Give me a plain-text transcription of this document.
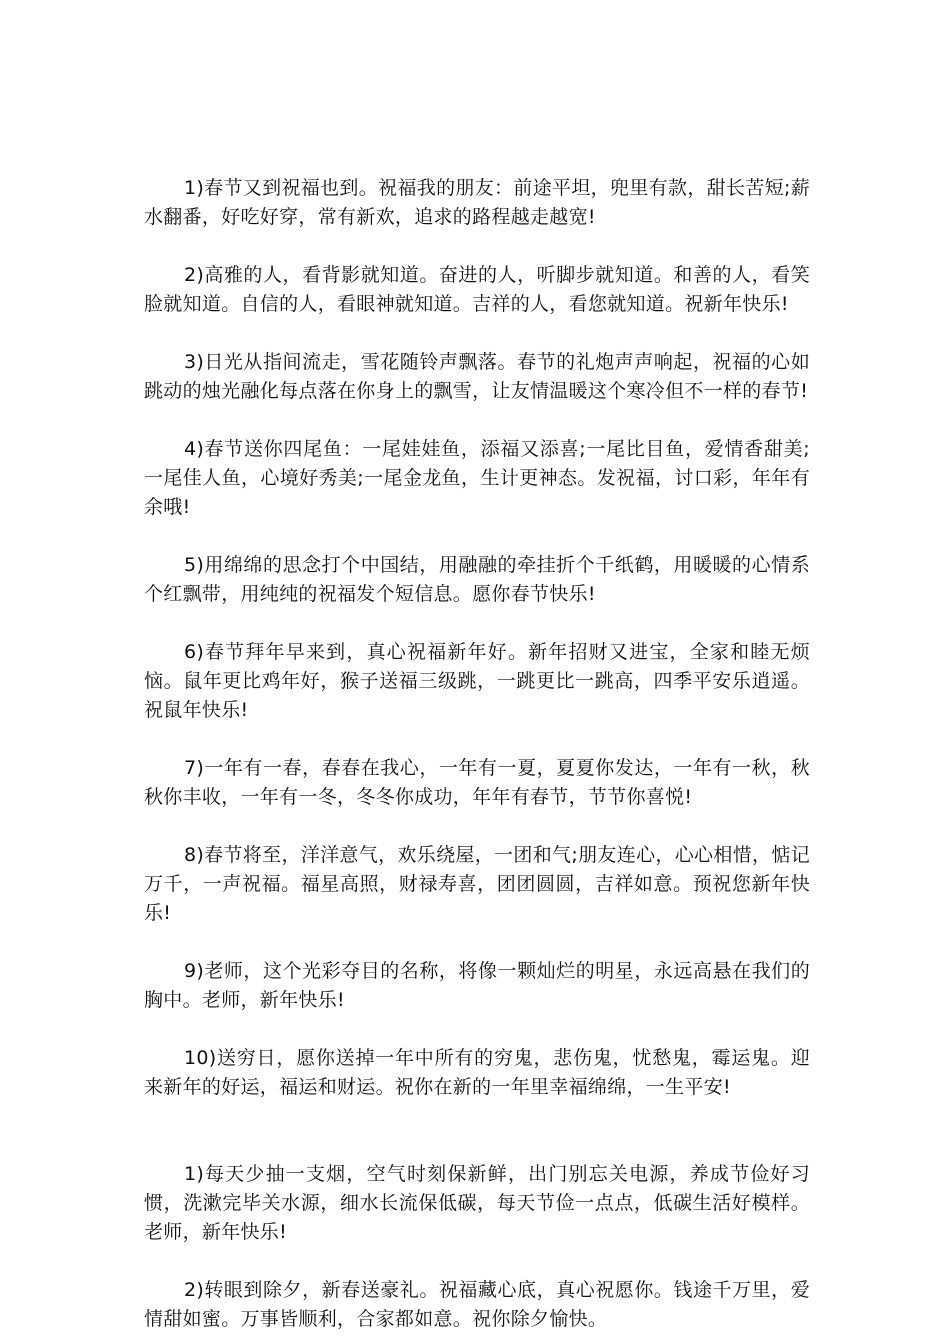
1)春节又到祝福也到。祝福我的朋友：前途平坦，兜里有款，甜长苦短;薪水翻番，好吃好穿，常有新欢，追求的路程越走越宽!

2)高雅的人，看背影就知道。奋进的人，听脚步就知道。和善的人，看笑脸就知道。自信的人，看眼神就知道。吉祥的人，看您就知道。祝新年快乐!

3)日光从指间流走，雪花随铃声飘落。春节的礼炮声声响起，祝福的心如跳动的烛光融化每点落在你身上的飘雪，让友情温暖这个寒冷但不一样的春节!

4)春节送你四尾鱼：一尾娃娃鱼，添福又添喜;一尾比目鱼，爱情香甜美;一尾佳人鱼，心境好秀美;一尾金龙鱼，生计更神态。发祝福，讨口彩，年年有余哦!

5)用绵绵的思念打个中国结，用融融的牵挂折个千纸鹤，用暖暖的心情系个红飘带，用纯纯的祝福发个短信息。愿你春节快乐!

6)春节拜年早来到，真心祝福新年好。新年招财又进宝，全家和睦无烦恼。鼠年更比鸡年好，猴子送福三级跳，一跳更比一跳高，四季平安乐逍遥。祝鼠年快乐!

7)一年有一春，春春在我心，一年有一夏，夏夏你发达，一年有一秋，秋秋你丰收，一年有一冬，冬冬你成功，年年有春节，节节你喜悦!

8)春节将至，洋洋意气，欢乐绕屋，一团和气;朋友连心，心心相惜，惦记万千，一声祝福。福星高照，财禄寿喜，团团圆圆，吉祥如意。预祝您新年快乐!

9)老师，这个光彩夺目的名称，将像一颗灿烂的明星，永远高悬在我们的胸中。老师，新年快乐!

10)送穷日，愿你送掉一年中所有的穷鬼，悲伤鬼，忧愁鬼，霉运鬼。迎来新年的好运，福运和财运。祝你在新的一年里幸福绵绵，一生平安!

1)每天少抽一支烟，空气时刻保新鲜，出门别忘关电源，养成节俭好习惯，洗漱完毕关水源，细水长流保低碳，每天节俭一点点，低碳生活好模样。老师，新年快乐!

2)转眼到除夕，新春送豪礼。祝福藏心底，真心祝愿你。钱途千万里，爱情甜如蜜。万事皆顺利，合家都如意。祝你除夕愉快。
